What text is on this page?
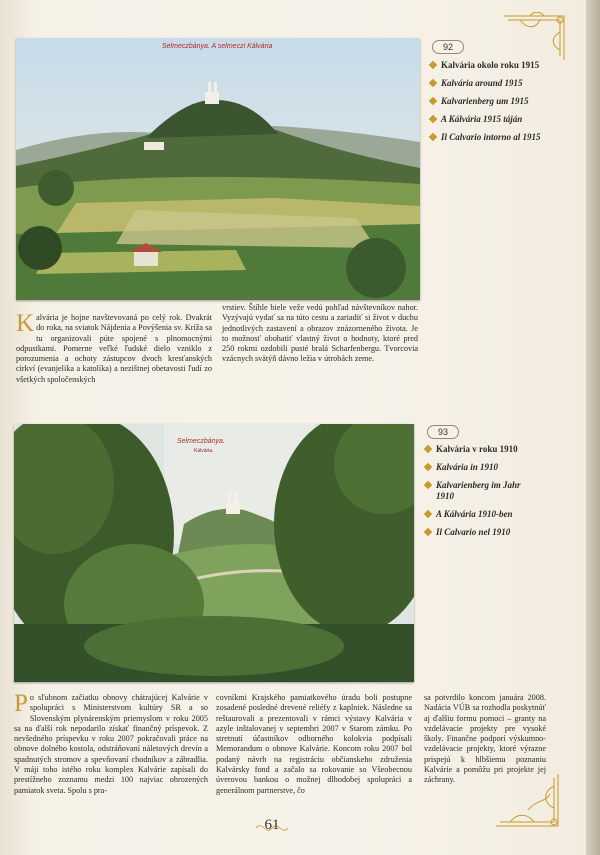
Selmeczbánya. A selmeczi Kálvária	92
Kalvária okolo roku 1915
Kalvária around 1915
Kalvarienberg um 1915
A Kálvária 1915 táján
Il Calvario intorno al 1915
Kalvária je hojne navštevovaná po celý rok. Dvakrát do roka, na sviatok Nájdenia a Povýšenia sv. Kríža sa tu organizovali púte spojené s plnomocnými odpustkami. Pomerne veľké ľudské dielo vzniklo z porozumenia a ochoty zástupcov dvoch kresťanských cirkví (evanjelika a katolíka) a nezištnej obetavosti ľudí zo všetkých spoločenských
vrstiev. Štíhle biele veže vedú pohľad návštevníkov nahor. Vyzývajú vydať sa na túto cestu a zariadiť si život v duchu jednotlivých zastavení a obrazov znázorneného života. Je to možnosť obohatiť vlastný život o hodnoty, ktoré pred 250 rokmi ozdobili pusté bralá Scharfenbergu. Tvorcovia vzácnych svätýň dávno ležia v útrobách zeme.
Selmeczbánya.
Kálvária.
93
Kalvária v roku 1910
Kalvária in 1910
Kalvarienberg im Jahr 1910
A Kálvária 1910-ben
Il Calvario nel 1910
Po sľubnom začiatku obnovy chátrajúcej Kalvárie v spolupráci s Ministerstvom kultúry SR a so Slovenským plynárenským priemyslom v roku 2005 sa na ďalší rok nepodarilo získať finančný príspevok. Z nevšedného príspevku v roku 2007 pokračovali práce na obnove dolného kostola, odstráňovaní náletových drevín a spadnutých stromov a spevňovaní chodníkov a zábradlia. V máji toho istého roku komplex Kalvárie zapísali do prestížneho zoznamu medzi 100 najviac ohrozených pamiatok sveta. Spolu s pra-
covníkmi Krajského pamiatkového úradu boli postupne zosadené posledné drevené reliéfy z kaplniek. Následne sa reštaurovali a prezentovali v rámci výstavy Kalvária v azyle inštalovanej v septembri 2007 v Starom zámku. Po stretnutí účastníkov odborného kolokvia podpísali Memorandum o obnove Kalvárie. Koncom roku 2007 bol podaný návrh na registráciu občianskeho združenia Kalvársky fond a začalo sa rokovanie so Všeobecnou úverovou bankou o možnej dlhodobej spolupráci a generálnom partnerstve, čo
sa potvrdilo koncom januára 2008. Nadácia VÚB sa rozhodla poskytnúť aj ďalšiu formu pomoci – granty na vzdelávacie projekty pre vysoké školy. Finančne podporí výskumno-vzdelávacie projekty, ktoré výrazne prispejú k hlbšiemu poznaniu Kalvárie a pomôžu pri projekte jej záchrany.
61
